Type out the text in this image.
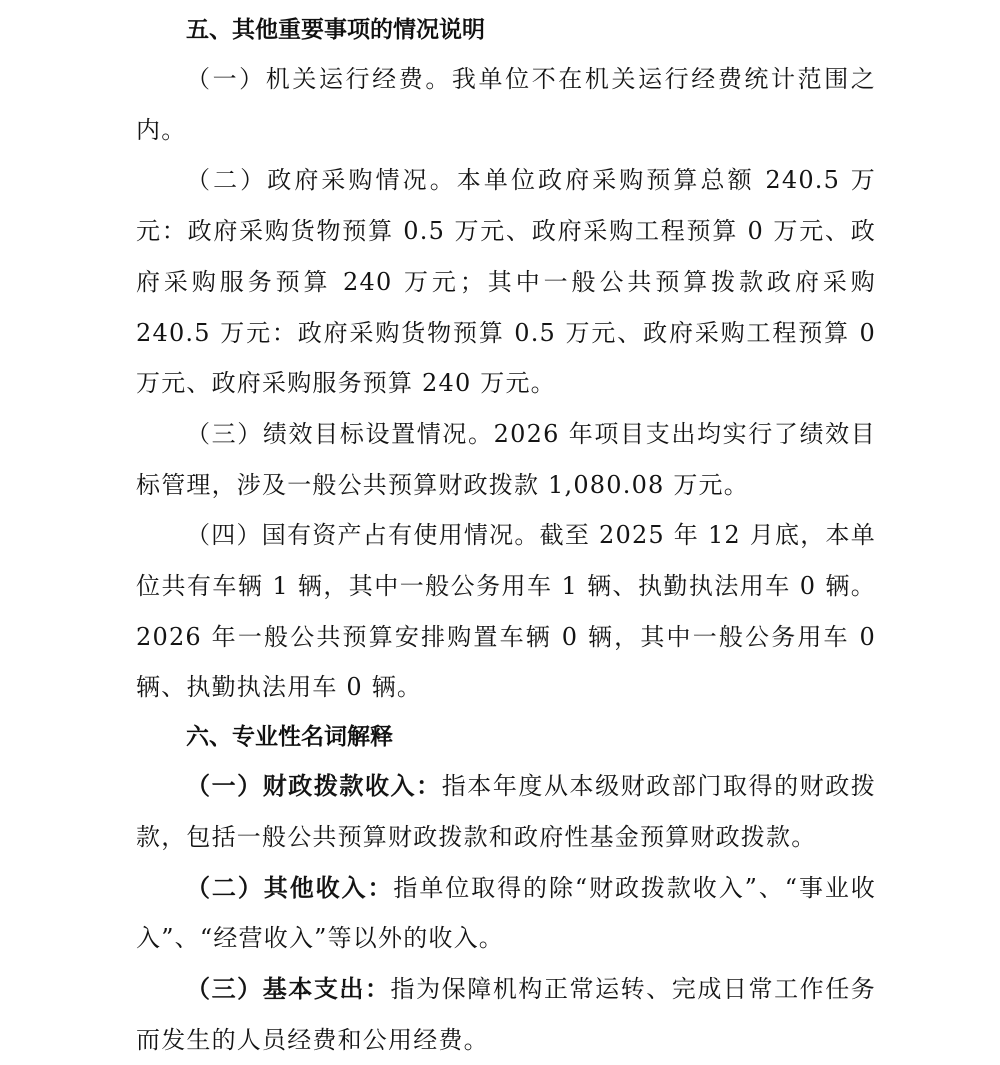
五、其他重要事项的情况说明

（一）机关运行经费。我单位不在机关运行经费统计范围之内。

（二）政府采购情况。本单位政府采购预算总额 240.5 万元：政府采购货物预算 0.5 万元、政府采购工程预算 0 万元、政府采购服务预算 240 万元；其中一般公共预算拨款政府采购 240.5 万元：政府采购货物预算 0.5 万元、政府采购工程预算 0 万元、政府采购服务预算 240 万元。

（三）绩效目标设置情况。2026 年项目支出均实行了绩效目标管理，涉及一般公共预算财政拨款 1,080.08 万元。

（四）国有资产占有使用情况。截至 2025 年 12 月底，本单位共有车辆 1 辆，其中一般公务用车 1 辆、执勤执法用车 0 辆。2026 年一般公共预算安排购置车辆 0 辆，其中一般公务用车 0 辆、执勤执法用车 0 辆。

六、专业性名词解释

（一）财政拨款收入：指本年度从本级财政部门取得的财政拨款，包括一般公共预算财政拨款和政府性基金预算财政拨款。

（二）其他收入：指单位取得的除“财政拨款收入”、“事业收入”、“经营收入”等以外的收入。

（三）基本支出：指为保障机构正常运转、完成日常工作任务而发生的人员经费和公用经费。
